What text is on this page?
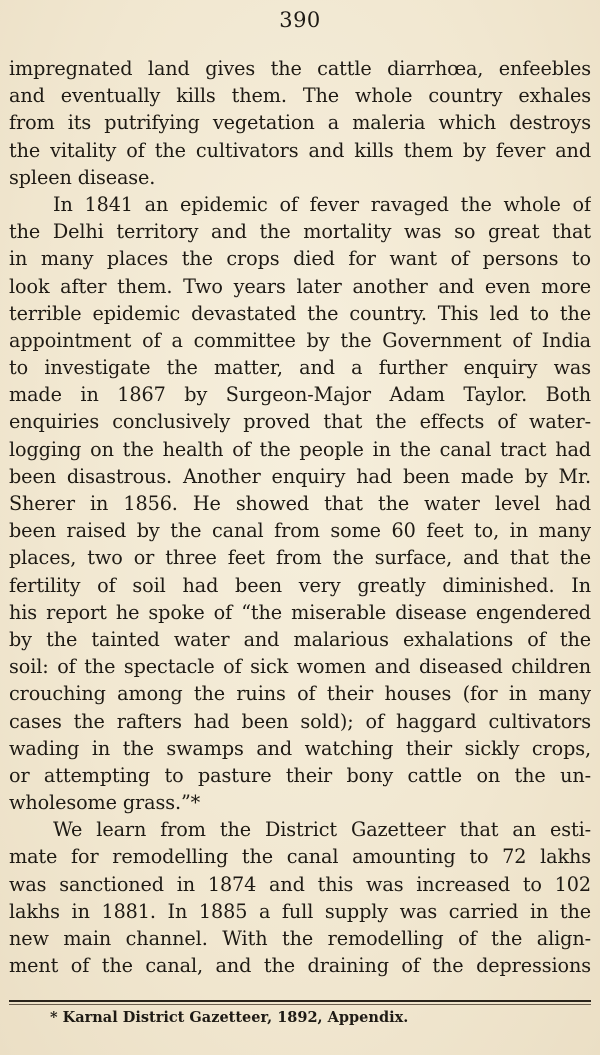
390
impregnated land gives the cattle diarrhœa, enfeebles
and eventually kills them. The whole country exhales
from its putrifying vegetation a maleria which destroys
the vitality of the cultivators and kills them by fever and
spleen disease.
In 1841 an epidemic of fever ravaged the whole of
the Delhi territory and the mortality was so great that
in many places the crops died for want of persons to
look after them. Two years later another and even more
terrible epidemic devastated the country. This led to the
appointment of a committee by the Government of India
to investigate the matter, and a further enquiry was
made in 1867 by Surgeon-Major Adam Taylor. Both
enquiries conclusively proved that the effects of water-
logging on the health of the people in the canal tract had
been disastrous. Another enquiry had been made by Mr.
Sherer in 1856. He showed that the water level had
been raised by the canal from some 60 feet to, in many
places, two or three feet from the surface, and that the
fertility of soil had been very greatly diminished. In
his report he spoke of “the miserable disease engendered
by the tainted water and malarious exhalations of the
soil: of the spectacle of sick women and diseased children
crouching among the ruins of their houses (for in many
cases the rafters had been sold); of haggard cultivators
wading in the swamps and watching their sickly crops,
or attempting to pasture their bony cattle on the un-
wholesome grass.”*
We learn from the District Gazetteer that an esti-
mate for remodelling the canal amounting to 72 lakhs
was sanctioned in 1874 and this was increased to 102
lakhs in 1881. In 1885 a full supply was carried in the
new main channel. With the remodelling of the align-
ment of the canal, and the draining of the depressions
* Karnal District Gazetteer, 1892, Appendix.
